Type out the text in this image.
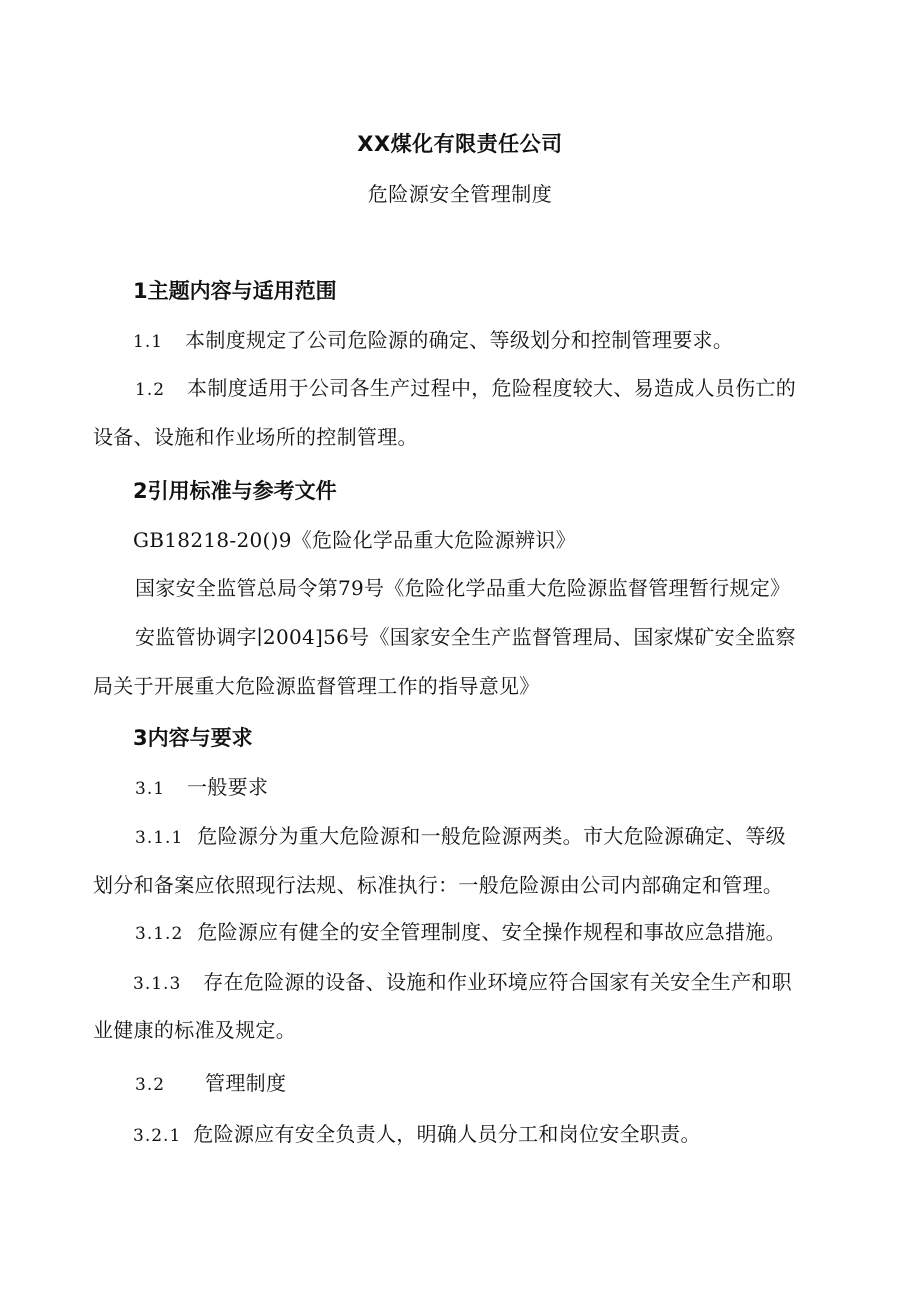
XX煤化有限责任公司
危险源安全管理制度
1主题内容与适用范围
1.1 本制度规定了公司危险源的确定、等级划分和控制管理要求。
1.2 本制度适用于公司各生产过程中，危险程度较大、易造成人员伤亡的
设备、设施和作业场所的控制管理。
2引用标准与参考文件
GB18218-20()9《危险化学品重大危险源辨识》
国家安全监管总局令第79号《危险化学品重大危险源监督管理暂行规定》
安监管协调字∣2004]56号《国家安全生产监督管理局、国家煤矿安全监察
局关于开展重大危险源监督管理工作的指导意见》
3内容与要求
3.1 一般要求
3.1.1 危险源分为重大危险源和一般危险源两类。市大危险源确定、等级
划分和备案应依照现行法规、标准执行：一般危险源由公司内部确定和管理。
3.1.2 危险源应有健全的安全管理制度、安全操作规程和事故应急措施。
3.1.3 存在危险源的设备、设施和作业环境应符合国家有关安全生产和职
业健康的标准及规定。
3.2 管理制度
3.2.1 危险源应有安全负责人，明确人员分工和岗位安全职责。
